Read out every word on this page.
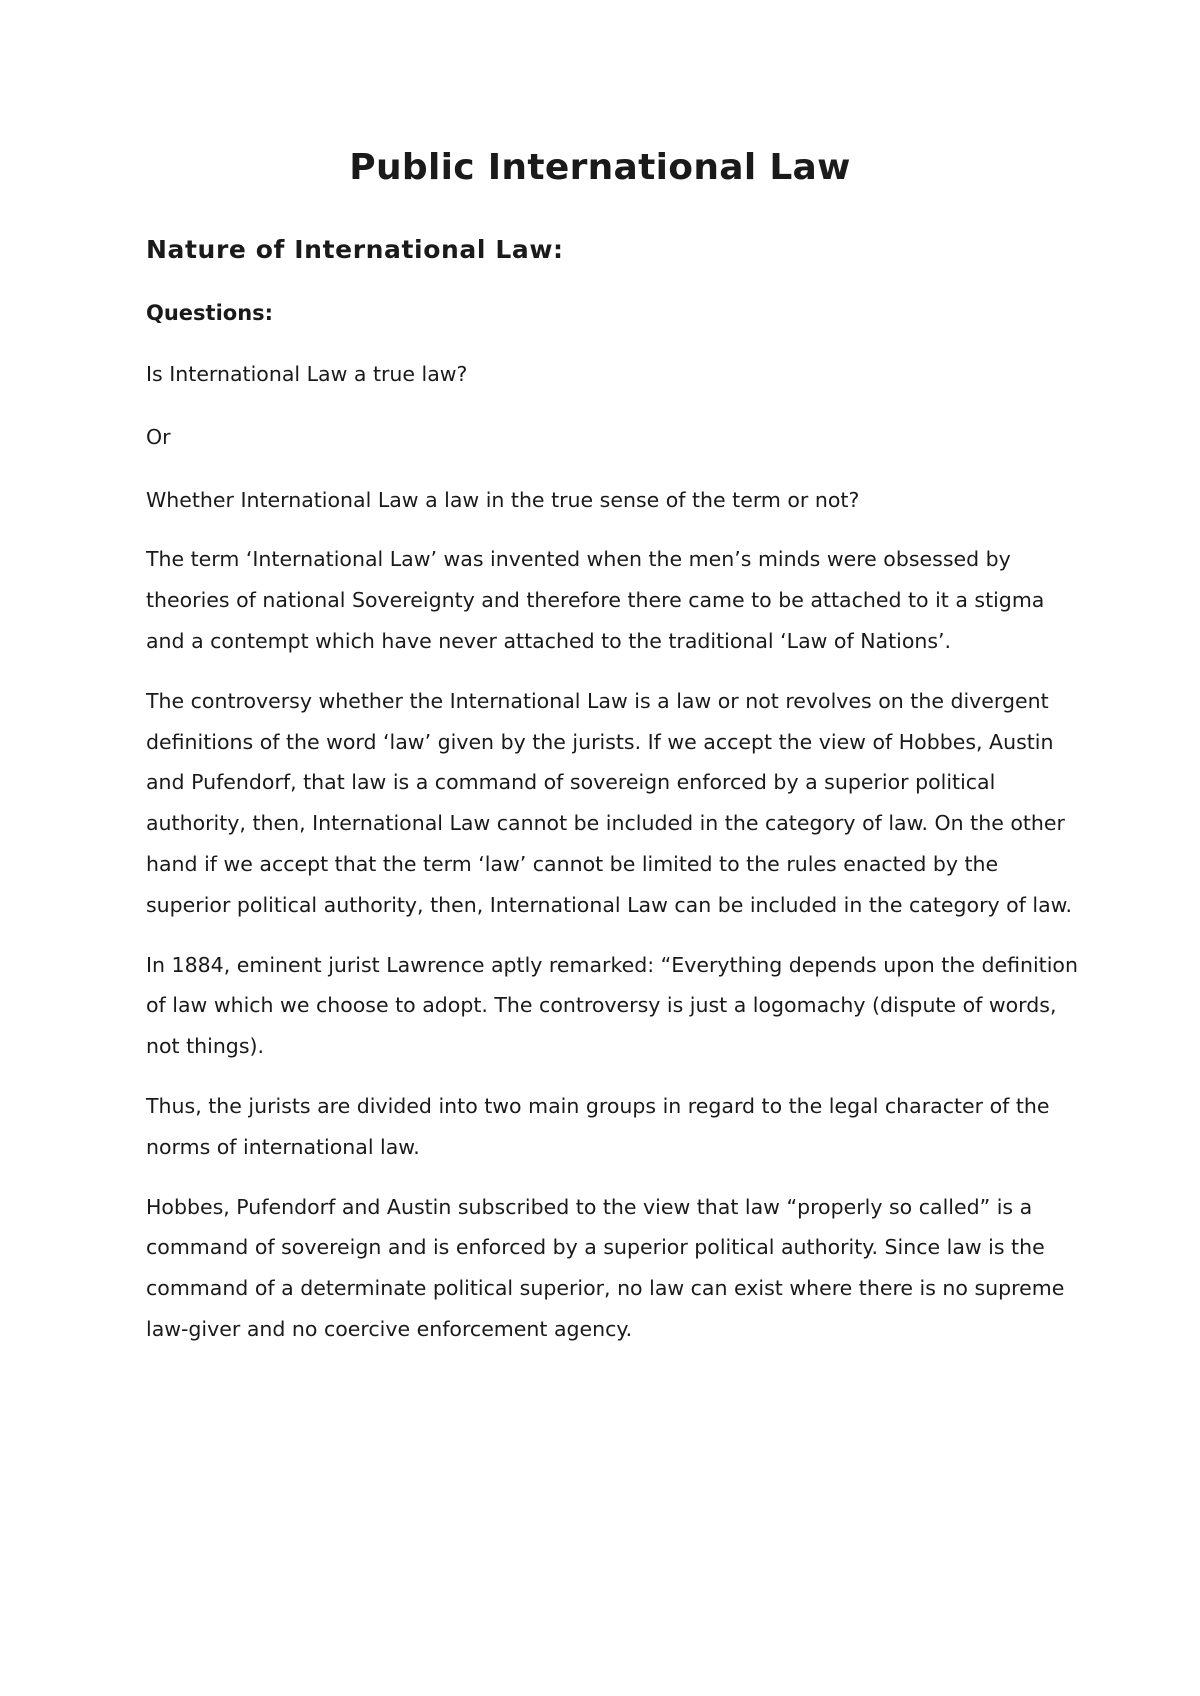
Public International Law
Nature of International Law:
Questions:

Is International Law a true law?

Or

Whether International Law a law in the true sense of the term or not?

The term ‘International Law’ was invented when the men’s minds were obsessed by theories of national Sovereignty and therefore there came to be attached to it a stigma and a contempt which have never attached to the traditional ‘Law of Nations’.

The controversy whether the International Law is a law or not revolves on the divergent definitions of the word ‘law’ given by the jurists. If we accept the view of Hobbes, Austin and Pufendorf, that law is a command of sovereign enforced by a superior political authority, then, International Law cannot be included in the category of law. On the other hand if we accept that the term ‘law’ cannot be limited to the rules enacted by the superior political authority, then, International Law can be included in the category of law.

In 1884, eminent jurist Lawrence aptly remarked: “Everything depends upon the definition of law which we choose to adopt. The controversy is just a logomachy (dispute of words, not things).

Thus, the jurists are divided into two main groups in regard to the legal character of the norms of international law.

Hobbes, Pufendorf and Austin subscribed to the view that law “properly so called” is a command of sovereign and is enforced by a superior political authority. Since law is the command of a determinate political superior, no law can exist where there is no supreme law-giver and no coercive enforcement agency.
